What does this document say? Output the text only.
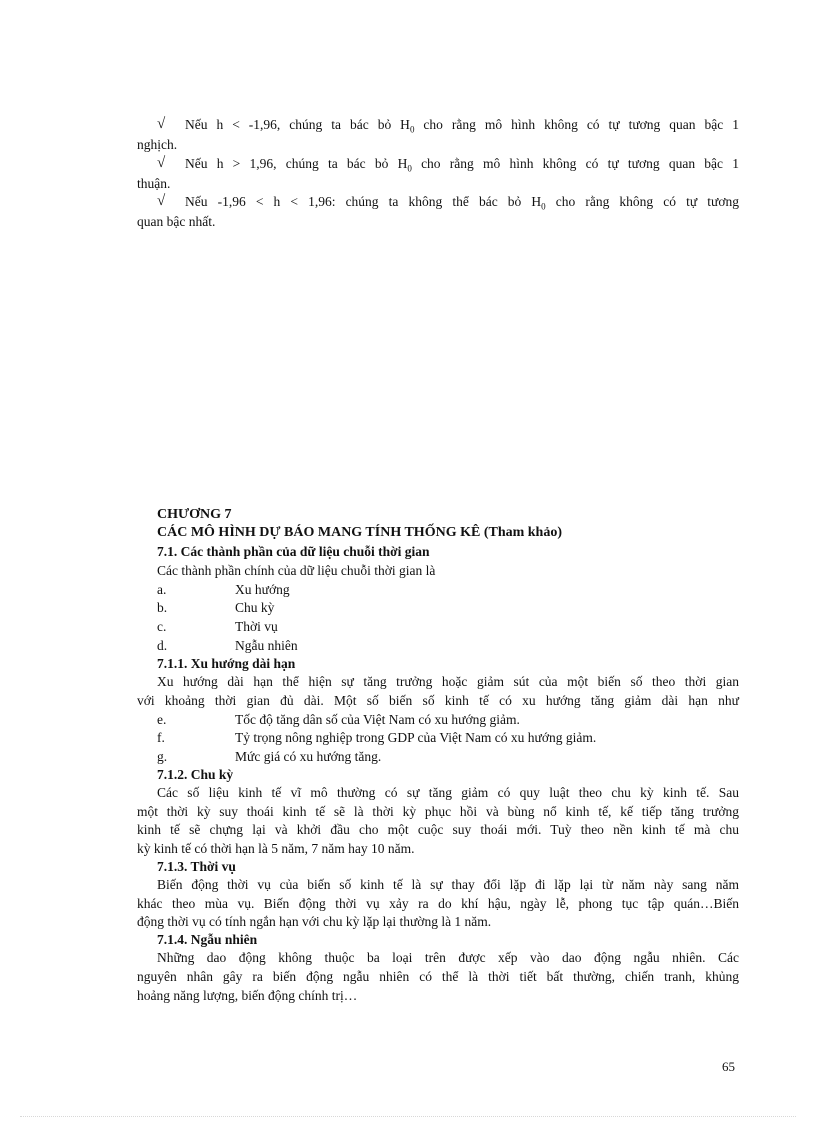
√	Nếu h < -1,96, chúng ta bác bỏ $H_0$ cho rằng mô hình không có tự tương quan bậc 1
nghịch.
√	Nếu h > 1,96, chúng ta bác bỏ $H_0$ cho rằng mô hình không có tự tương quan bậc 1
thuận.
√	Nếu -1,96 < h < 1,96: chúng ta không thể bác bỏ $H_0$ cho rằng không có tự tương
quan bậc nhất.
CHƯƠNG 7
CÁC MÔ HÌNH DỰ BÁO MANG TÍNH THỐNG KÊ (Tham khảo)
7.1. Các thành phần của dữ liệu chuỗi thời gian
Các thành phần chính của dữ liệu chuỗi thời gian là
a.	Xu hướng
b.	Chu kỳ
c.	Thời vụ
d.	Ngẫu nhiên
7.1.1. Xu hướng dài hạn
Xu hướng dài hạn thể hiện sự tăng trưởng hoặc giảm sút của một biến số theo thời gian
với khoảng thời gian đủ dài. Một số biến số kinh tế có xu hướng tăng giảm dài hạn như
e.	Tốc độ tăng dân số của Việt Nam có xu hướng giảm.
f.	Tỷ trọng nông nghiệp trong GDP của Việt Nam có xu hướng giảm.
g.	Mức giá có xu hướng tăng.
7.1.2. Chu kỳ
Các số liệu kinh tế vĩ mô thường có sự tăng giảm có quy luật theo chu kỳ kinh tế. Sau
một thời kỳ suy thoái kinh tế sẽ là thời kỳ phục hồi và bùng nổ kinh tế, kế tiếp tăng trưởng
kinh tế sẽ chựng lại và khởi đầu cho một cuộc suy thoái mới. Tuỳ theo nền kinh tế mà chu
kỳ kinh tế có thời hạn là 5 năm, 7 năm hay 10 năm.
7.1.3. Thời vụ
Biến động thời vụ của biến số kinh tế là sự thay đổi lặp đi lặp lại từ năm này sang năm
khác theo mùa vụ. Biến động thời vụ xảy ra do khí hậu, ngày lễ, phong tục tập quán…Biến
động thời vụ có tính ngắn hạn với chu kỳ lặp lại thường là 1 năm.
7.1.4. Ngẫu nhiên
Những dao động không thuộc ba loại trên được xếp vào dao động ngẫu nhiên. Các
nguyên nhân gây ra biến động ngẫu nhiên có thể là thời tiết bất thường, chiến tranh, khủng
hoảng năng lượng, biến động chính trị…
65
